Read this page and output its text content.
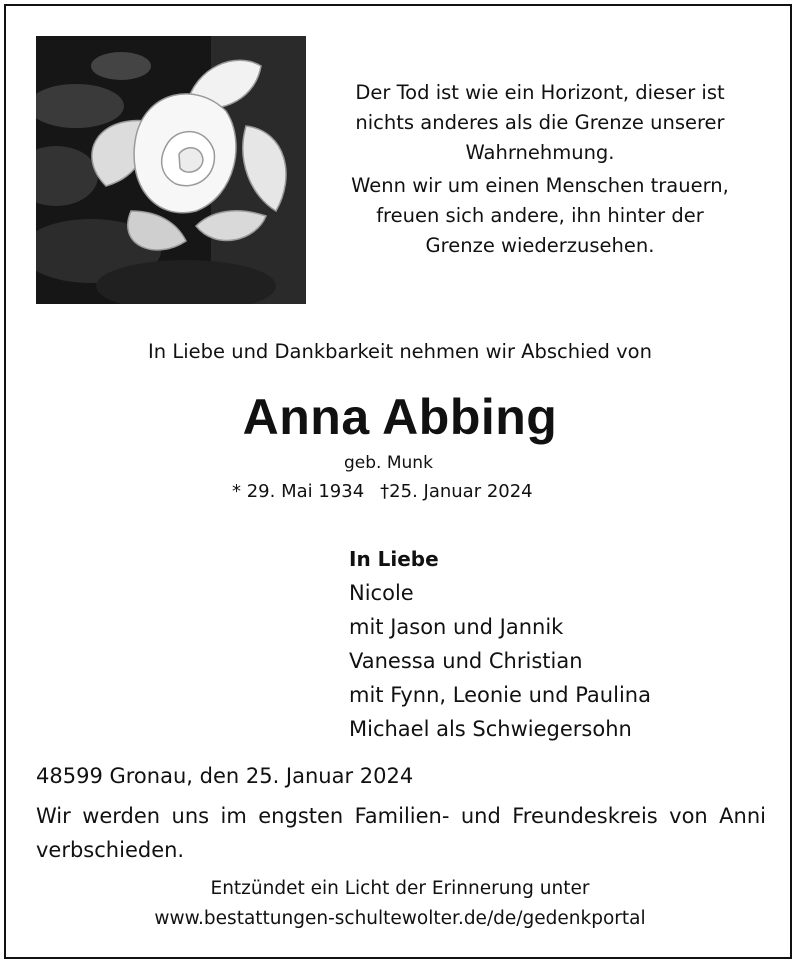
Der Tod ist wie ein Horizont, dieser ist
nichts anderes als die Grenze unserer
Wahrnehmung.

Wenn wir um einen Menschen trauern,
freuen sich andere, ihn hinter der
Grenze wiederzusehen.

In Liebe und Dankbarkeit nehmen wir Abschied von
Anna Abbing
geb. Munk
* 29. Mai 1934 †25. Januar 2024
In Liebe
Nicole
mit Jason und Jannik
Vanessa und Christian
mit Fynn, Leonie und Paulina
Michael als Schwiegersohn
48599 Gronau, den 25. Januar 2024
Wir werden uns im engsten Familien- und Freundeskreis von Anni verbschieden.
Entzündet ein Licht der Erinnerung unter
www.bestattungen-schultewolter.de/de/gedenkportal
